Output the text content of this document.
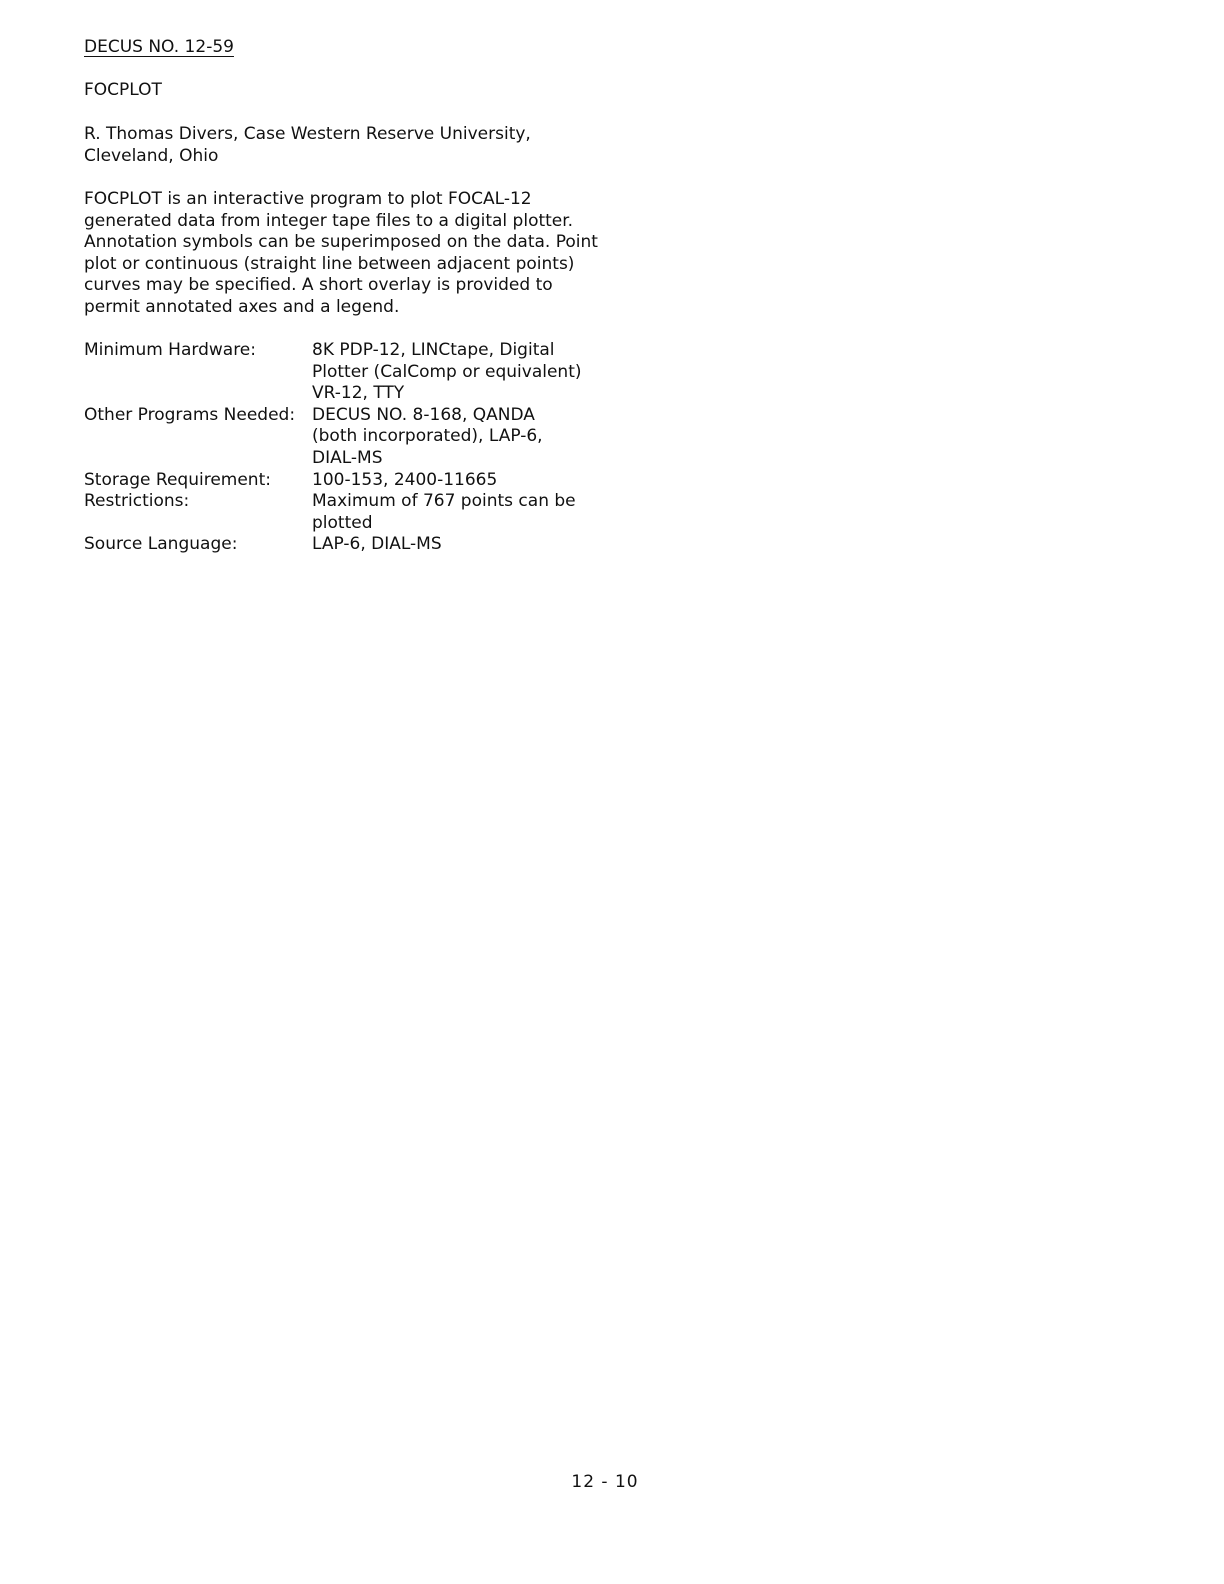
DECUS NO. 12-59
FOCPLOT
R. Thomas Divers, Case Western Reserve University,
Cleveland, Ohio
FOCPLOT is an interactive program to plot FOCAL-12
generated data from integer tape files to a digital plotter.
Annotation symbols can be superimposed on the data. Point
plot or continuous (straight line between adjacent points)
curves may be specified. A short overlay is provided to
permit annotated axes and a legend.
Minimum Hardware:	8K PDP-12, LINCtape, Digital
Plotter (CalComp or equivalent)
VR-12, TTY
Other Programs Needed: DECUS NO. 8-168, QANDA
(both incorporated), LAP-6,
DIAL-MS
Storage Requirement:	100-153, 2400-11665
Restrictions:	Maximum of 767 points can be
plotted
Source Language:	LAP-6, DIAL-MS
12 - 10
